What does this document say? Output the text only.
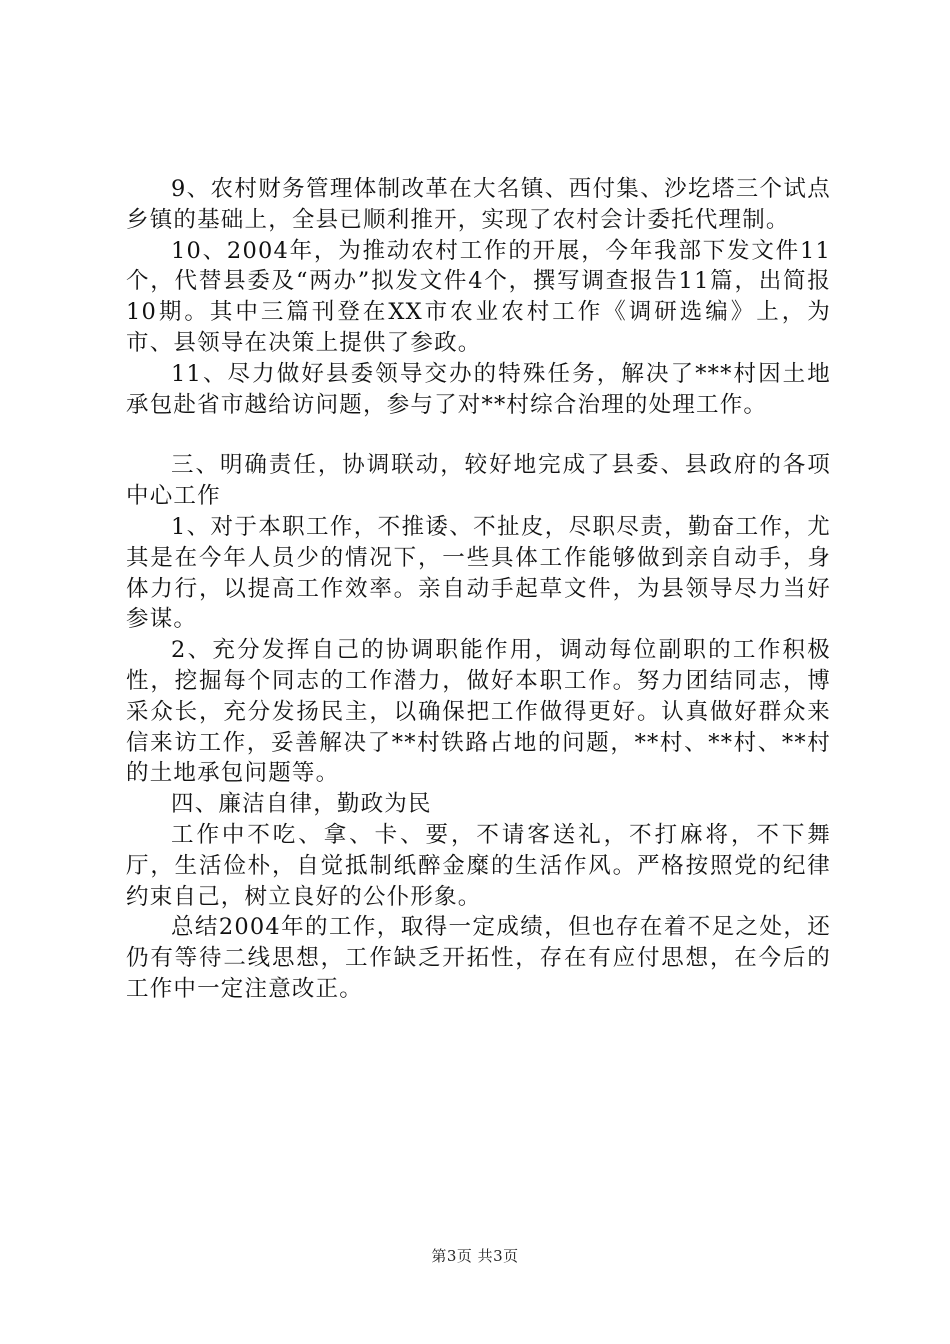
9、农村财务管理体制改革在大名镇、西付集、沙圪塔三个试点乡镇的基础上，全县已顺利推开，实现了农村会计委托代理制。

10、2004年，为推动农村工作的开展，今年我部下发文件11个，代替县委及“两办”拟发文件4个，撰写调查报告11篇，出简报10期。其中三篇刊登在XX市农业农村工作《调研选编》上，为市、县领导在决策上提供了参政。

11、尽力做好县委领导交办的特殊任务，解决了***村因土地承包赴省市越给访问题，参与了对**村综合治理的处理工作。

三、明确责任，协调联动，较好地完成了县委、县政府的各项中心工作

1、对于本职工作，不推诿、不扯皮，尽职尽责，勤奋工作，尤其是在今年人员少的情况下，一些具体工作能够做到亲自动手，身体力行，以提高工作效率。亲自动手起草文件，为县领导尽力当好参谋。

2、充分发挥自己的协调职能作用，调动每位副职的工作积极性，挖掘每个同志的工作潜力，做好本职工作。努力团结同志，博采众长，充分发扬民主，以确保把工作做得更好。认真做好群众来信来访工作，妥善解决了**村铁路占地的问题，**村、**村、**村的土地承包问题等。

四、廉洁自律，勤政为民

工作中不吃、拿、卡、要，不请客送礼，不打麻将，不下舞厅，生活俭朴，自觉抵制纸醉金糜的生活作风。严格按照党的纪律约束自己，树立良好的公仆形象。

总结2004年的工作，取得一定成绩，但也存在着不足之处，还仍有等待二线思想，工作缺乏开拓性，存在有应付思想，在今后的工作中一定注意改正。

第3页 共3页
